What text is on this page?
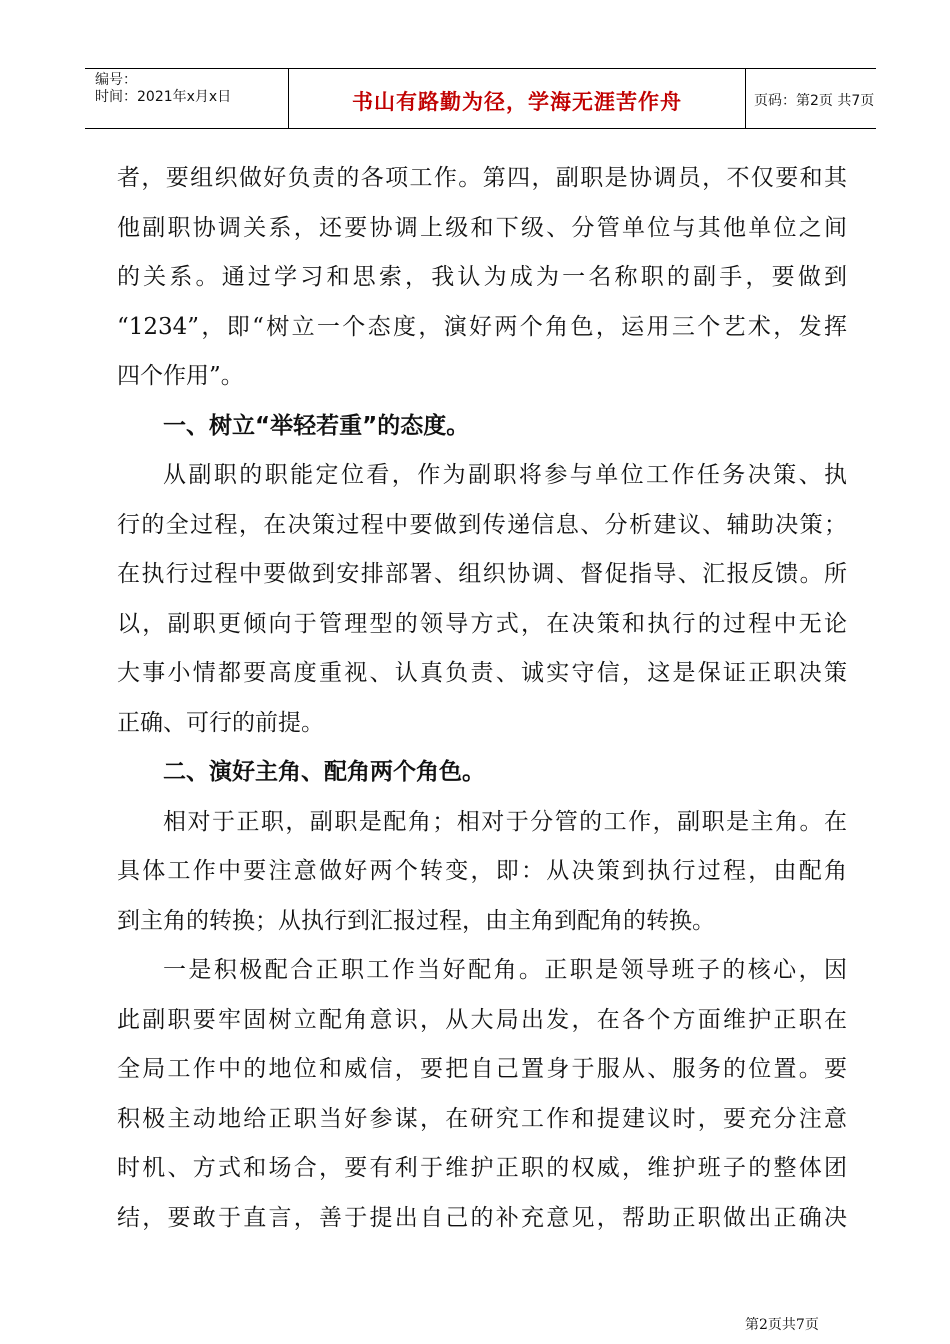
编号：
时间：2021年x月x日	书山有路勤为径，学海无涯苦作舟	页码：第2页 共7页
者，要组织做好负责的各项工作。第四，副职是协调员，不仅要和其
他副职协调关系，还要协调上级和下级、分管单位与其他单位之间
的关系。通过学习和思索，我认为成为一名称职的副手，要做到
“1234”，即“树立一个态度，演好两个角色，运用三个艺术，发挥
四个作用”。
一、树立“举轻若重”的态度。
从副职的职能定位看，作为副职将参与单位工作任务决策、执
行的全过程，在决策过程中要做到传递信息、分析建议、辅助决策；
在执行过程中要做到安排部署、组织协调、督促指导、汇报反馈。所
以，副职更倾向于管理型的领导方式，在决策和执行的过程中无论
大事小情都要高度重视、认真负责、诚实守信，这是保证正职决策
正确、可行的前提。
二、演好主角、配角两个角色。
相对于正职，副职是配角；相对于分管的工作，副职是主角。在
具体工作中要注意做好两个转变，即：从决策到执行过程，由配角
到主角的转换；从执行到汇报过程，由主角到配角的转换。
一是积极配合正职工作当好配角。正职是领导班子的核心，因
此副职要牢固树立配角意识，从大局出发，在各个方面维护正职在
全局工作中的地位和威信，要把自己置身于服从、服务的位置。要
积极主动地给正职当好参谋，在研究工作和提建议时，要充分注意
时机、方式和场合，要有利于维护正职的权威，维护班子的整体团
结，要敢于直言，善于提出自己的补充意见，帮助正职做出正确决
第2页共7页
